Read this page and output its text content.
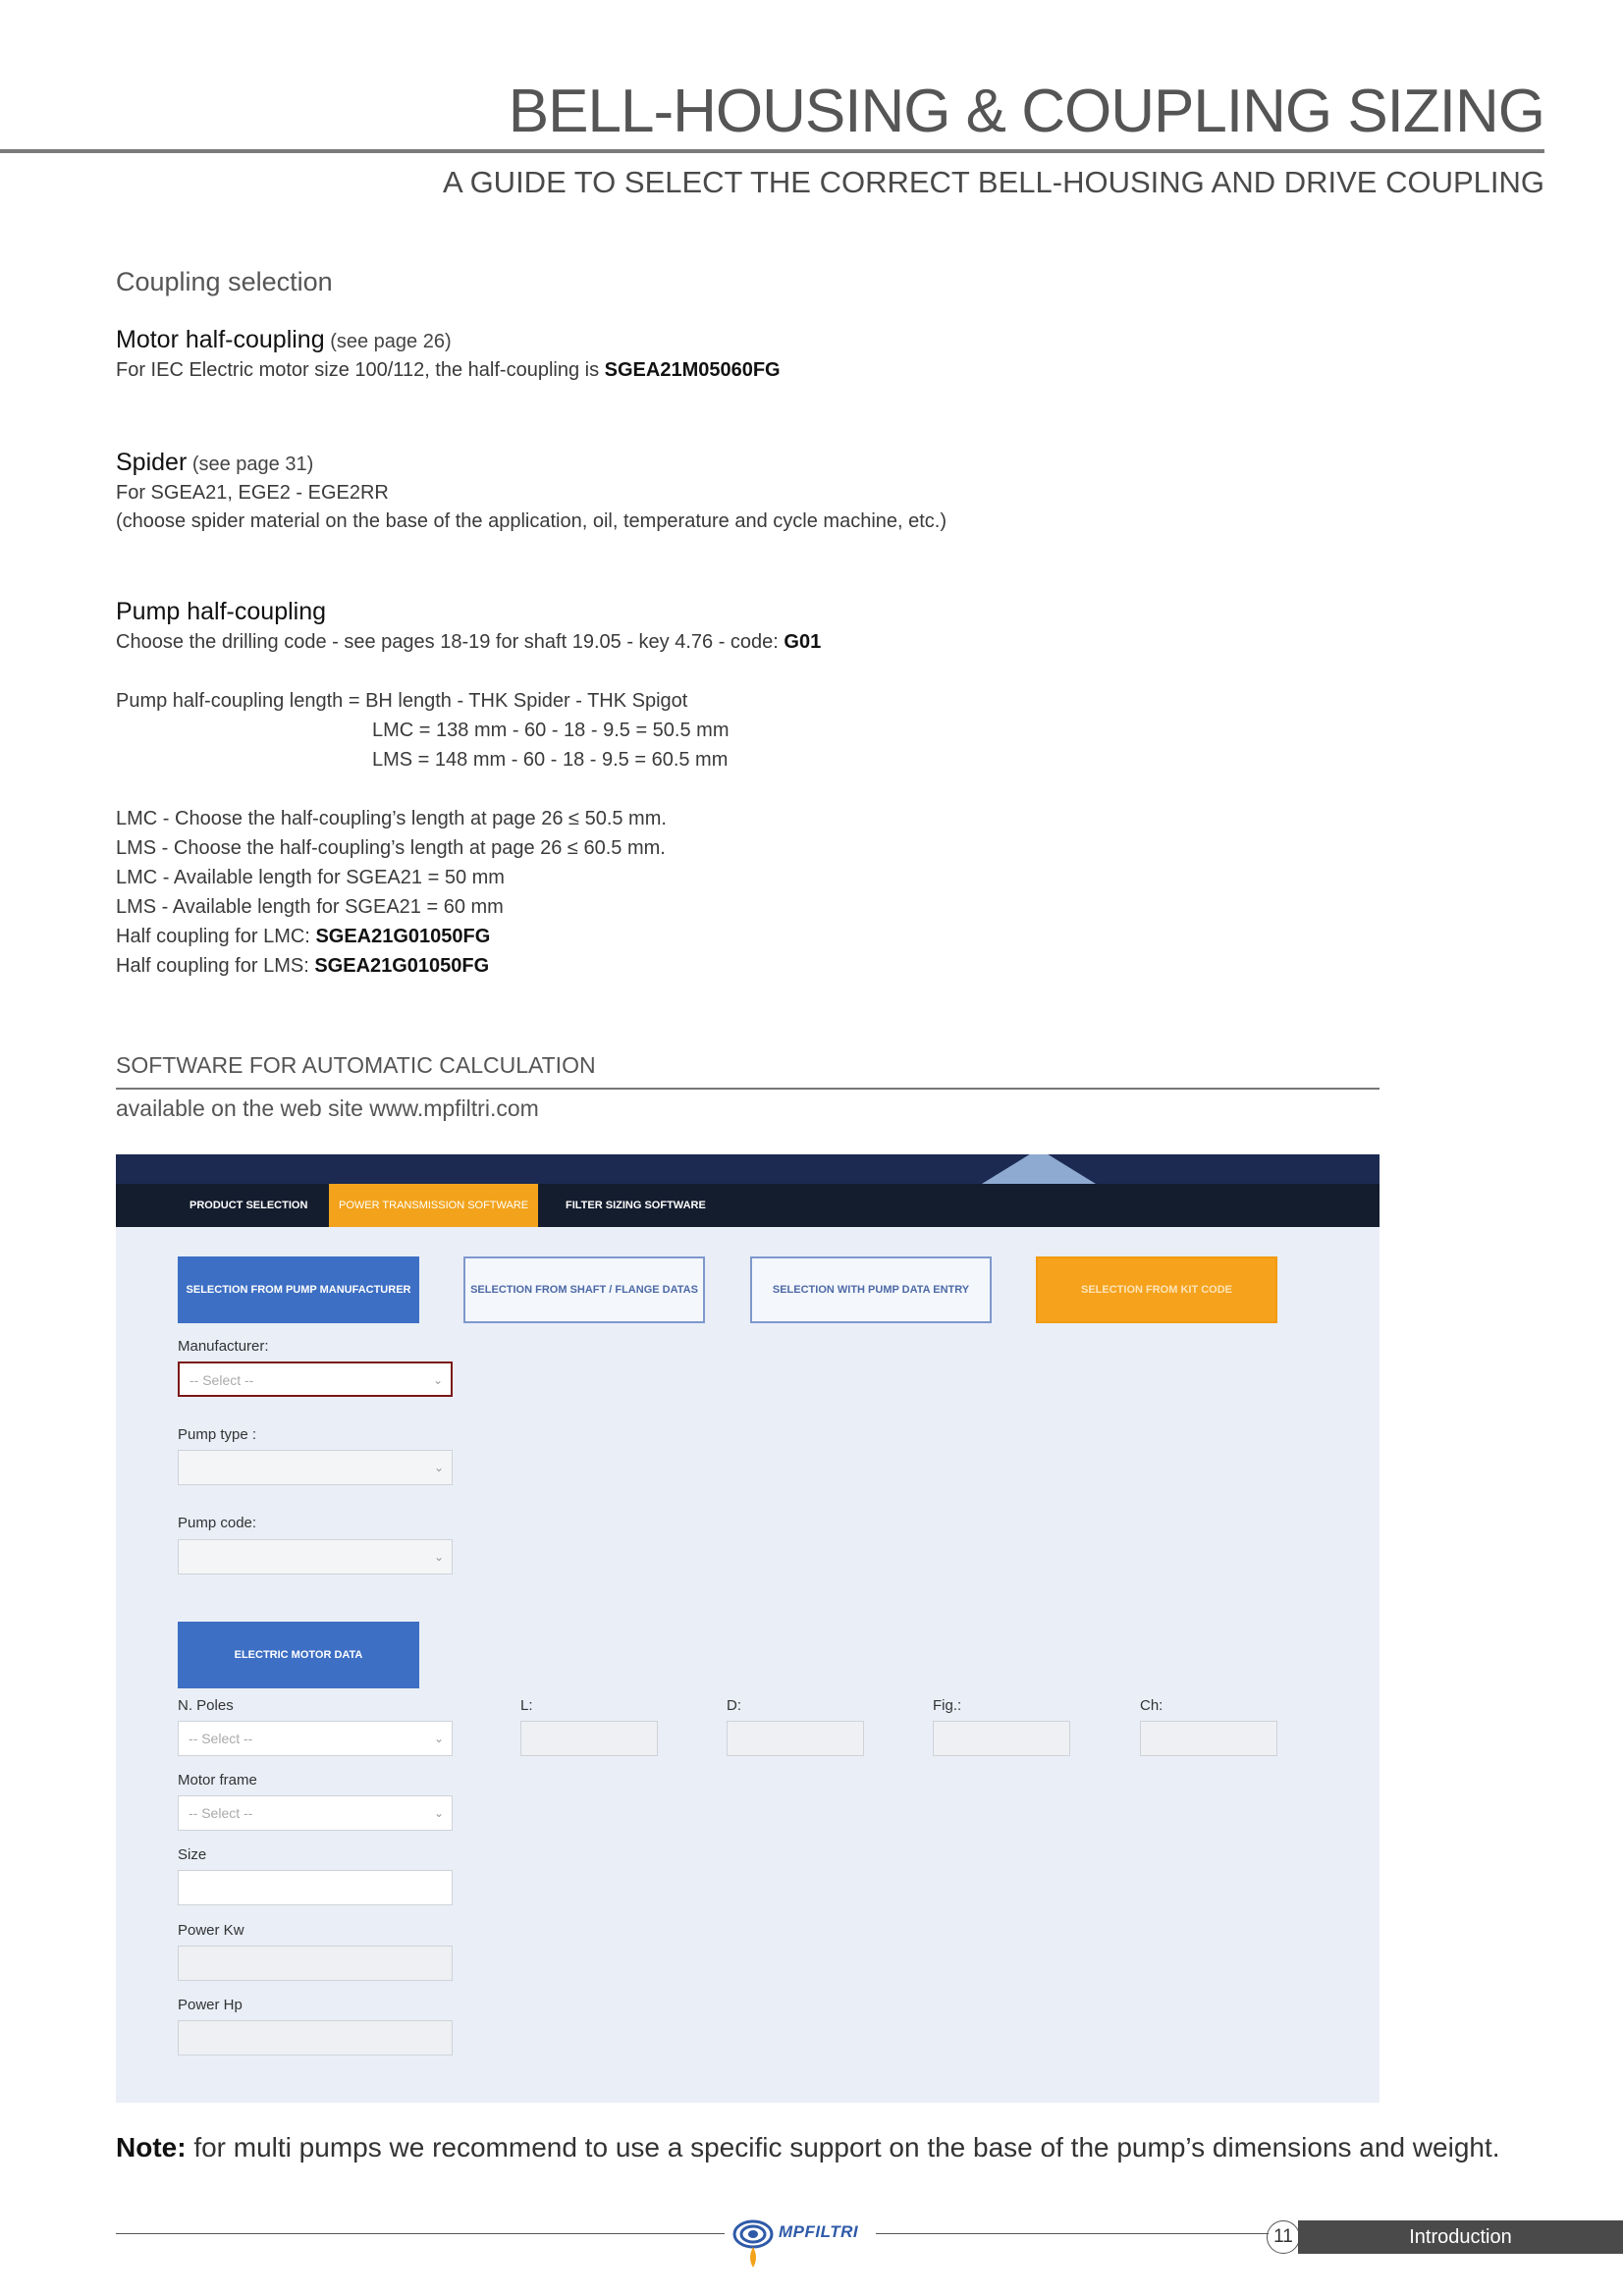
BELL-HOUSING & COUPLING SIZING
A GUIDE TO SELECT THE CORRECT BELL-HOUSING AND DRIVE COUPLING
Coupling selection
Motor half-coupling (see page 26)
For IEC Electric motor size 100/112, the half-coupling is SGEA21M05060FG
Spider (see page 31)
For SGEA21, EGE2 - EGE2RR
(choose spider material on the base of the application, oil, temperature and cycle machine, etc.)
Pump half-coupling
Choose the drilling code - see pages 18-19 for shaft 19.05 - key 4.76 - code: G01
Pump half-coupling length = BH length - THK Spider - THK Spigot
LMC = 138 mm - 60 - 18 - 9.5 = 50.5 mm
LMS = 148 mm - 60 - 18 - 9.5 = 60.5 mm
LMC - Choose the half-coupling’s length at page 26 ≤ 50.5 mm.
LMS - Choose the half-coupling’s length at page 26 ≤ 60.5 mm.
LMC - Available length for SGEA21 = 50 mm
LMS - Available length for SGEA21 = 60 mm
Half coupling for LMC: SGEA21G01050FG
Half coupling for LMS: SGEA21G01050FG
SOFTWARE FOR AUTOMATIC CALCULATION
available on the web site www.mpfiltri.com
PRODUCT SELECTION	POWER TRANSMISSION SOFTWARE	FILTER SIZING SOFTWARE
SELECTION FROM PUMP MANUFACTURER	SELECTION FROM SHAFT / FLANGE DATAS	SELECTION WITH PUMP DATA ENTRY	SELECTION FROM KIT CODE
Manufacturer:
-- Select --	⌄
Pump type :
⌄
Pump code:
⌄
ELECTRIC MOTOR DATA
N. Poles
-- Select --	⌄
L:	D:	Fig.:	Ch:
Motor frame
-- Select --	⌄
Size
Power Kw
Power Hp
Note: for multi pumps we recommend to use a specific support on the base of the pump’s dimensions and weight.
MPFILTRI	11	Introduction
